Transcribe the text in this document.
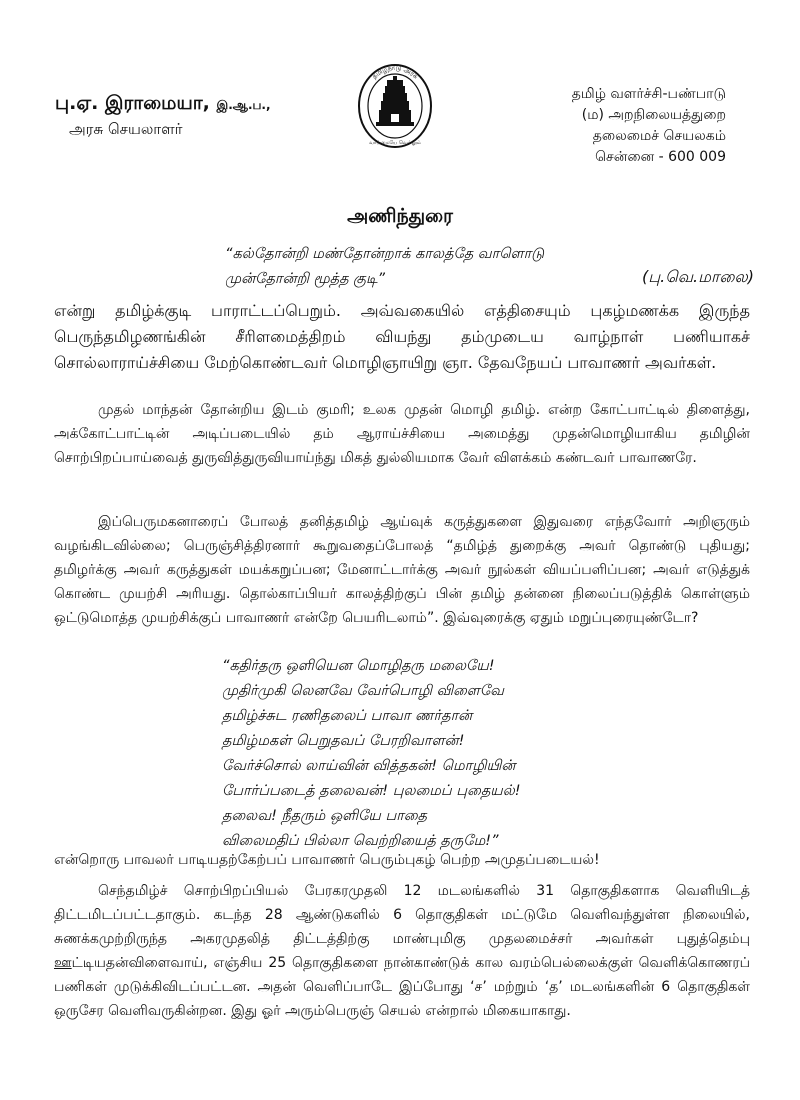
பு.ஏ. இராமையா, இ.ஆ.ப.,
அரசு செயலாளர்
தமிழ்நாடு அரசு
வாய்மையே வெல்லும்
தமிழ் வளர்ச்சி-பண்பாடு
(ம) அறநிலையத்துறை
தலைமைச் செயலகம்
சென்னை - 600 009
அணிந்துரை
“கல்தோன்றி மண்தோன்றாக் காலத்தே வாளொடு
முன்தோன்றி மூத்த குடி”	(பு.வெ.மாலை)
என்று தமிழ்க்குடி பாராட்டப்பெறும். அவ்வகையில் எத்திசையும் புகழ்மணக்க இருந்த பெருந்தமிழணங்கின் சீரிளமைத்திறம் வியந்து தம்முடைய வாழ்நாள் பணியாகச் சொல்லாராய்ச்சியை மேற்கொண்டவர் மொழிஞாயிறு ஞா. தேவநேயப் பாவாணர் அவர்கள்.
முதல் மாந்தன் தோன்றிய இடம் குமரி; உலக முதன் மொழி தமிழ். என்ற கோட்பாட்டில் திளைத்து, அக்கோட்பாட்டின் அடிப்படையில் தம் ஆராய்ச்சியை அமைத்து முதன்மொழியாகிய தமிழின் சொற்பிறப்பாய்வைத் துருவித்துருவியாய்ந்து மிகத் துல்லியமாக வேர் விளக்கம் கண்டவர் பாவாணரே.
இப்பெருமகனாரைப் போலத் தனித்தமிழ் ஆய்வுக் கருத்துகளை இதுவரை எந்தவோர் அறிஞரும் வழங்கிடவில்லை; பெருஞ்சித்திரனார் கூறுவதைப்போலத் “தமிழ்த் துறைக்கு அவர் தொண்டு புதியது; தமிழர்க்கு அவர் கருத்துகள் மயக்கறுப்பன; மேனாட்டார்க்கு அவர் நூல்கள் வியப்பளிப்பன; அவர் எடுத்துக் கொண்ட முயற்சி அரியது. தொல்காப்பியர் காலத்திற்குப் பின் தமிழ் தன்னை நிலைப்படுத்திக் கொள்ளும் ஒட்டுமொத்த முயற்சிக்குப் பாவாணர் என்றே பெயரிடலாம்”. இவ்வுரைக்கு ஏதும் மறுப்புரையுண்டோ?
“கதிர்தரு ஒளியென மொழிதரு மலையே!
முதிர்முகி லெனவே வேர்பொழி விளைவே
தமிழ்ச்சுட ரணிதலைப் பாவா ணர்தான்
தமிழ்மகள் பெறுதவப் பேரறிவாளன்!
வேர்ச்சொல் லாய்வின் வித்தகன்! மொழியின்
போர்ப்படைத் தலைவன்! புலமைப் புதையல்!
தலைவ! நீதரும் ஒளியே பாதை
விலைமதிப் பில்லா வெற்றியைத் தருமே!”
என்றொரு பாவலர் பாடியதற்கேற்பப் பாவாணர் பெரும்புகழ் பெற்ற அமுதப்படையல்!
செந்தமிழ்ச் சொற்பிறப்பியல் பேரகரமுதலி 12 மடலங்களில் 31 தொகுதிகளாக வெளியிடத் திட்டமிடப்பட்டதாகும். கடந்த 28 ஆண்டுகளில் 6 தொகுதிகள் மட்டுமே வெளிவந்துள்ள நிலையில், சுணக்கமுற்றிருந்த அகரமுதலித் திட்டத்திற்கு மாண்புமிகு முதலமைச்சர் அவர்கள் புதுத்தெம்பு ஊட்டியதன்விளைவாய், எஞ்சிய 25 தொகுதிகளை நான்காண்டுக் கால வரம்பெல்லைக்குள் வெளிக்கொணரப் பணிகள் முடுக்கிவிடப்பட்டன. அதன் வெளிப்பாடே இப்போது ‘ச’ மற்றும் ‘த’ மடலங்களின் 6 தொகுதிகள் ஒருசேர வெளிவருகின்றன. இது ஓர் அரும்பெருஞ் செயல் என்றால் மிகையாகாது.
